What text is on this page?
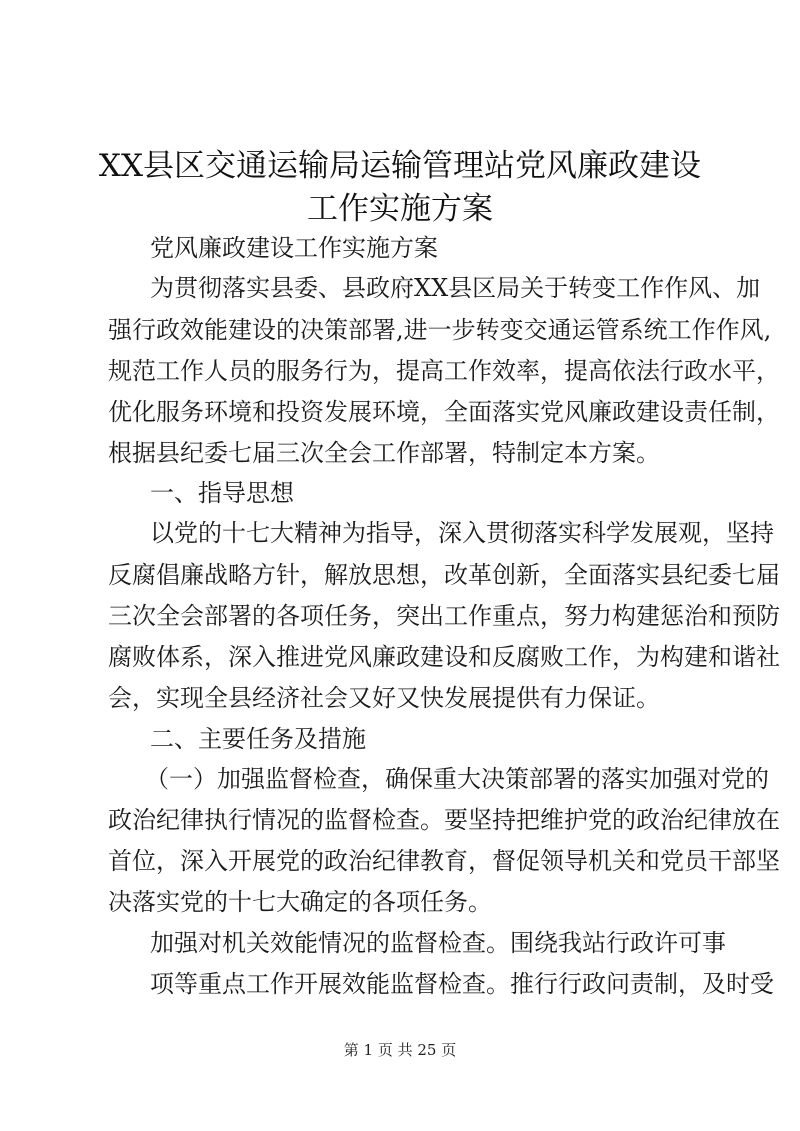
XX县区交通运输局运输管理站党风廉政建设
工作实施方案
党风廉政建设工作实施方案
为贯彻落实县委、县政府XX县区局关于转变工作作风、加
强行政效能建设的决策部署,进一步转变交通运管系统工作作风,
规范工作人员的服务行为，提高工作效率，提高依法行政水平，
优化服务环境和投资发展环境，全面落实党风廉政建设责任制，
根据县纪委七届三次全会工作部署，特制定本方案。
一、指导思想
以党的十七大精神为指导，深入贯彻落实科学发展观，坚持
反腐倡廉战略方针，解放思想，改革创新，全面落实县纪委七届
三次全会部署的各项任务，突出工作重点，努力构建惩治和预防
腐败体系，深入推进党风廉政建设和反腐败工作，为构建和谐社
会，实现全县经济社会又好又快发展提供有力保证。
二、主要任务及措施
（一）加强监督检查，确保重大决策部署的落实加强对党的
政治纪律执行情况的监督检查。要坚持把维护党的政治纪律放在
首位，深入开展党的政治纪律教育，督促领导机关和党员干部坚
决落实党的十七大确定的各项任务。
加强对机关效能情况的监督检查。围绕我站行政许可事
项等重点工作开展效能监督检查。推行行政问责制，及时受
第 1 页 共 25 页
